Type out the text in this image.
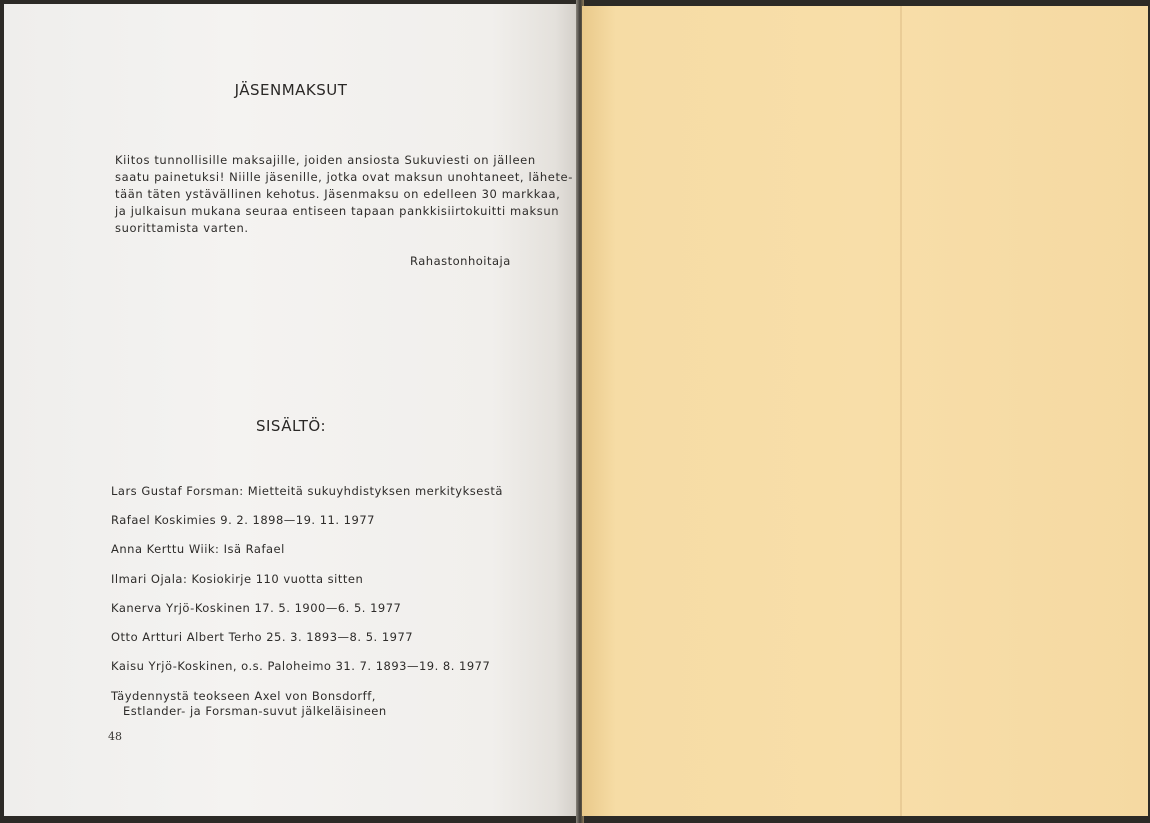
JÄSENMAKSUT
Kiitos tunnollisille maksajille, joiden ansiosta Sukuviesti on jälleen
saatu painetuksi! Niille jäsenille, jotka ovat maksun unohtaneet, lähete-
tään täten ystävällinen kehotus. Jäsenmaksu on edelleen 30 markkaa,
ja julkaisun mukana seuraa entiseen tapaan pankkisiirtokuitti maksun
suorittamista varten.
Rahastonhoitaja
SISÄLTÖ:
Lars Gustaf Forsman: Mietteitä sukuyhdistyksen merkityksestä
Rafael Koskimies 9. 2. 1898—19. 11. 1977
Anna Kerttu Wiik: Isä Rafael
Ilmari Ojala: Kosiokirje 110 vuotta sitten
Kanerva Yrjö-Koskinen 17. 5. 1900—6. 5. 1977
Otto Artturi Albert Terho 25. 3. 1893—8. 5. 1977
Kaisu Yrjö-Koskinen, o.s. Paloheimo 31. 7. 1893—19. 8. 1977
Täydennystä teokseen Axel von Bonsdorff,
Estlander- ja Forsman-suvut jälkeläisineen
48
